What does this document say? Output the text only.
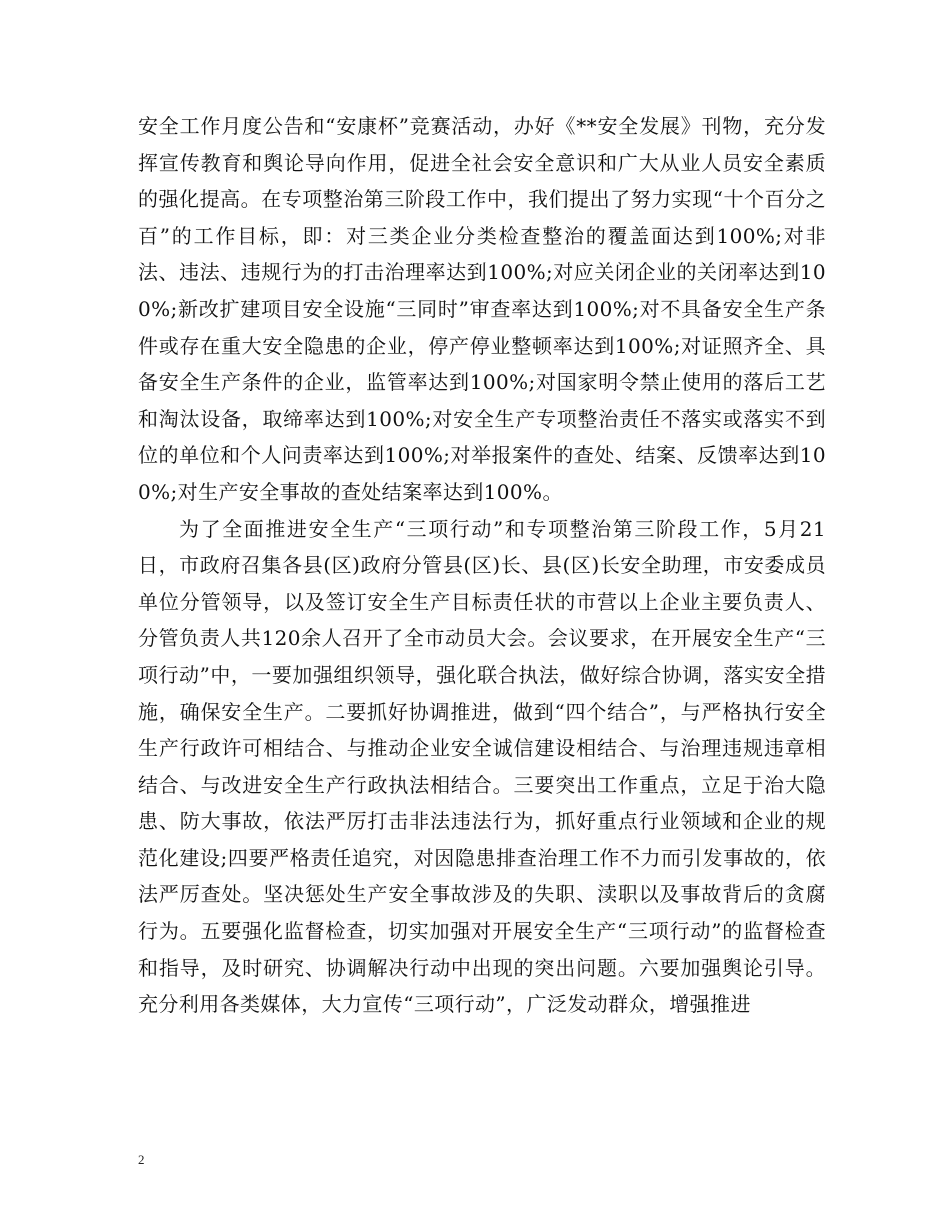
安全工作月度公告和“安康杯”竞赛活动，办好《**安全发展》刊物，充分发挥宣传教育和舆论导向作用，促进全社会安全意识和广大从业人员安全素质的强化提高。在专项整治第三阶段工作中，我们提出了努力实现“十个百分之百”的工作目标，即：对三类企业分类检查整治的覆盖面达到100%;对非法、违法、违规行为的打击治理率达到100%;对应关闭企业的关闭率达到100%;新改扩建项目安全设施“三同时”审查率达到100%;对不具备安全生产条件或存在重大安全隐患的企业，停产停业整顿率达到100%;对证照齐全、具备安全生产条件的企业，监管率达到100%;对国家明令禁止使用的落后工艺和淘汰设备，取缔率达到100%;对安全生产专项整治责任不落实或落实不到位的单位和个人问责率达到100%;对举报案件的查处、结案、反馈率达到100%;对生产安全事故的查处结案率达到100%。

为了全面推进安全生产“三项行动”和专项整治第三阶段工作，5月21日，市政府召集各县(区)政府分管县(区)长、县(区)长安全助理，市安委成员单位分管领导，以及签订安全生产目标责任状的市营以上企业主要负责人、分管负责人共120余人召开了全市动员大会。会议要求，在开展安全生产“三项行动”中，一要加强组织领导，强化联合执法，做好综合协调，落实安全措施，确保安全生产。二要抓好协调推进，做到“四个结合”，与严格执行安全生产行政许可相结合、与推动企业安全诚信建设相结合、与治理违规违章相结合、与改进安全生产行政执法相结合。三要突出工作重点，立足于治大隐患、防大事故，依法严厉打击非法违法行为，抓好重点行业领域和企业的规范化建设;四要严格责任追究，对因隐患排查治理工作不力而引发事故的，依法严厉查处。坚决惩处生产安全事故涉及的失职、渎职以及事故背后的贪腐行为。五要强化监督检查，切实加强对开展安全生产“三项行动”的监督检查和指导，及时研究、协调解决行动中出现的突出问题。六要加强舆论引导。充分利用各类媒体，大力宣传“三项行动”，广泛发动群众，增强推进

2
